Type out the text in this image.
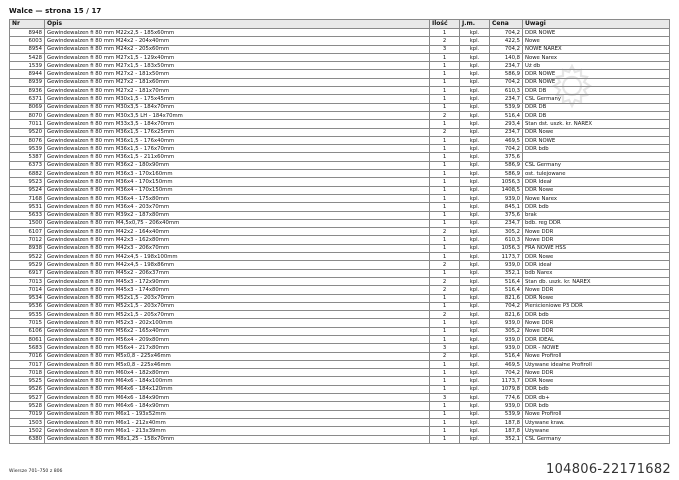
Walce — strona 15 / 17
Nr	Opis	Ilość	J.m.	Cena	Uwagi
8948	Gewindewalzen fi 80 mm M22x2,5 - 185x60mm	1	kpl.	704,2	DDR NOWE
6003	Gewindewalzen fi 80 mm M24x2 - 204x40mm	2	kpl.	422,5	Nowe
8954	Gewindewalzen fi 80 mm M24x2 - 205x60mm	3	kpl.	704,2	NOWE NAREX
5428	Gewindewalzen fi 80 mm M27x1,5 - 129x40mm	1	kpl.	140,8	Nowe Narex
1539	Gewindewalzen fi 80 mm M27x1,5 - 183x50mm	1	kpl.	234,7	Uż db
8944	Gewindewalzen fi 80 mm M27x2 - 181x50mm	1	kpl.	586,9	DDR NOWE
8939	Gewindewalzen fi 80 mm M27x2 - 181x60mm	1	kpl.	704,2	DDR NOWE
8936	Gewindewalzen fi 80 mm M27x2 - 181x70mm	1	kpl.	610,3	DDR DB
6371	Gewindewalzen fi 80 mm M30x1,5 - 175x45mm	1	kpl.	234,7	CSL Germany
8069	Gewindewalzen fi 80 mm M30x3,5 - 184x70mm	1	kpl.	539,9	DDR DB
8070	Gewindewalzen fi 80 mm M30x3,5 LH - 184x70mm	2	kpl.	516,4	DDR DB
7011	Gewindewalzen fi 80 mm M33x3,5 - 184x70mm	1	kpl.	293,4	Stan dst. uszk. kr. NAREX
9520	Gewindewalzen fi 80 mm M36x1,5 - 176x25mm	2	kpl.	234,7	DDR Nowe
8076	Gewindewalzen fi 80 mm M36x1,5 - 176x40mm	1	kpl.	469,5	DDR NOWE
9539	Gewindewalzen fi 80 mm M36x1,5 - 176x70mm	1	kpl.	704,2	DDR bdb
5387	Gewindewalzen fi 80 mm M36x1,5 - 211x60mm	1	kpl.	375,6	
6373	Gewindewalzen fi 80 mm M36x2 - 180x90mm	1	kpl.	586,9	CSL Germany
6882	Gewindewalzen fi 80 mm M36x3 - 170x160mm	1	kpl.	586,9	ost. tulejowane
9523	Gewindewalzen fi 80 mm M36x4 - 170x150mm	1	kpl.	1056,3	DDR Ideał
9524	Gewindewalzen fi 80 mm M36x4 - 170x150mm	1	kpl.	1408,5	DDR Nowe
7168	Gewindewalzen fi 80 mm M36x4 - 175x80mm	1	kpl.	939,0	Nowe Narex
9531	Gewindewalzen fi 80 mm M36x4 - 203x70mm	1	kpl.	845,1	DDR bdb
5633	Gewindewalzen fi 80 mm M39x2 - 187x80mm	1	kpl.	375,6	brak
1500	Gewindewalzen fi 80 mm M4,5x0,75 - 206x40mm	1	kpl.	234,7	bdb. reg DDR
6107	Gewindewalzen fi 80 mm M42x2 - 164x40mm	2	kpl.	305,2	Nowe DDR
7012	Gewindewalzen fi 80 mm M42x3 - 162x80mm	1	kpl.	610,3	Nowe DDR
8938	Gewindewalzen fi 80 mm M42x3 - 206x70mm	1	kpl.	1056,3	FRA NOWE HSS
9522	Gewindewalzen fi 80 mm M42x4,5 - 198x100mm	1	kpl.	1173,7	DDR Nowe
9529	Gewindewalzen fi 80 mm M42x4,5 - 198x86mm	2	kpl.	939,0	DDR ideał
6917	Gewindewalzen fi 80 mm M45x2 - 206x37mm	1	kpl.	352,1	bdb Narex
7013	Gewindewalzen fi 80 mm M45x3 - 172x90mm	2	kpl.	516,4	Stan db. uszk. kr. NAREX
7014	Gewindewalzen fi 80 mm M45x3 - 174x80mm	2	kpl.	516,4	Nowe DDR
9534	Gewindewalzen fi 80 mm M52x1,5 - 203x70mm	1	kpl.	821,6	DDR Nowe
9536	Gewindewalzen fi 80 mm M52x1,5 - 203x70mm	1	kpl.	704,2	Pierścieniowe P3 DDR
9535	Gewindewalzen fi 80 mm M52x1,5 - 205x70mm	2	kpl.	821,6	DDR bdb
7015	Gewindewalzen fi 80 mm M52x3 - 202x100mm	1	kpl.	939,0	Nowe DDR
6106	Gewindewalzen fi 80 mm M56x2 - 165x40mm	1	kpl.	305,2	Nowe DDR
8061	Gewindewalzen fi 80 mm M56x4 - 209x80mm	1	kpl.	939,0	DDR IDEAL
5683	Gewindewalzen fi 80 mm M56x4 - 217x80mm	3	kpl.	939,0	DDR - NOWE
7016	Gewindewalzen fi 80 mm M5x0,8 - 225x46mm	2	kpl.	516,4	Nowe Profiroll
7017	Gewindewalzen fi 80 mm M5x0,8 - 225x46mm	1	kpl.	469,5	Używane ideałne Profiroll
7018	Gewindewalzen fi 80 mm M60x4 - 182x80mm	1	kpl.	704,2	Nowe DDR
9525	Gewindewalzen fi 80 mm M64x6 - 184x100mm	1	kpl.	1173,7	DDR Nowe
9526	Gewindewalzen fi 80 mm M64x6 - 184x120mm	1	kpl.	1079,8	DDR bdb
9527	Gewindewalzen fi 80 mm M64x6 - 184x90mm	3	kpl.	774,6	DDR db+
9528	Gewindewalzen fi 80 mm M64x6 - 184x90mm	1	kpl.	939,0	DDR bdb
7019	Gewindewalzen fi 80 mm M6x1 - 193x52mm	1	kpl.	539,9	Nowe Profiroll
1503	Gewindewalzen fi 80 mm M6x1 - 212x40mm	1	kpl.	187,8	Używane kraw.
1502	Gewindewalzen fi 80 mm M6x1 - 213x39mm	1	kpl.	187,8	Używane
6380	Gewindewalzen fi 80 mm M8x1,25 - 158x70mm	1	kpl.	352,1	CSL Germany
Wiersze 701–750 z 806	104806-22171682
